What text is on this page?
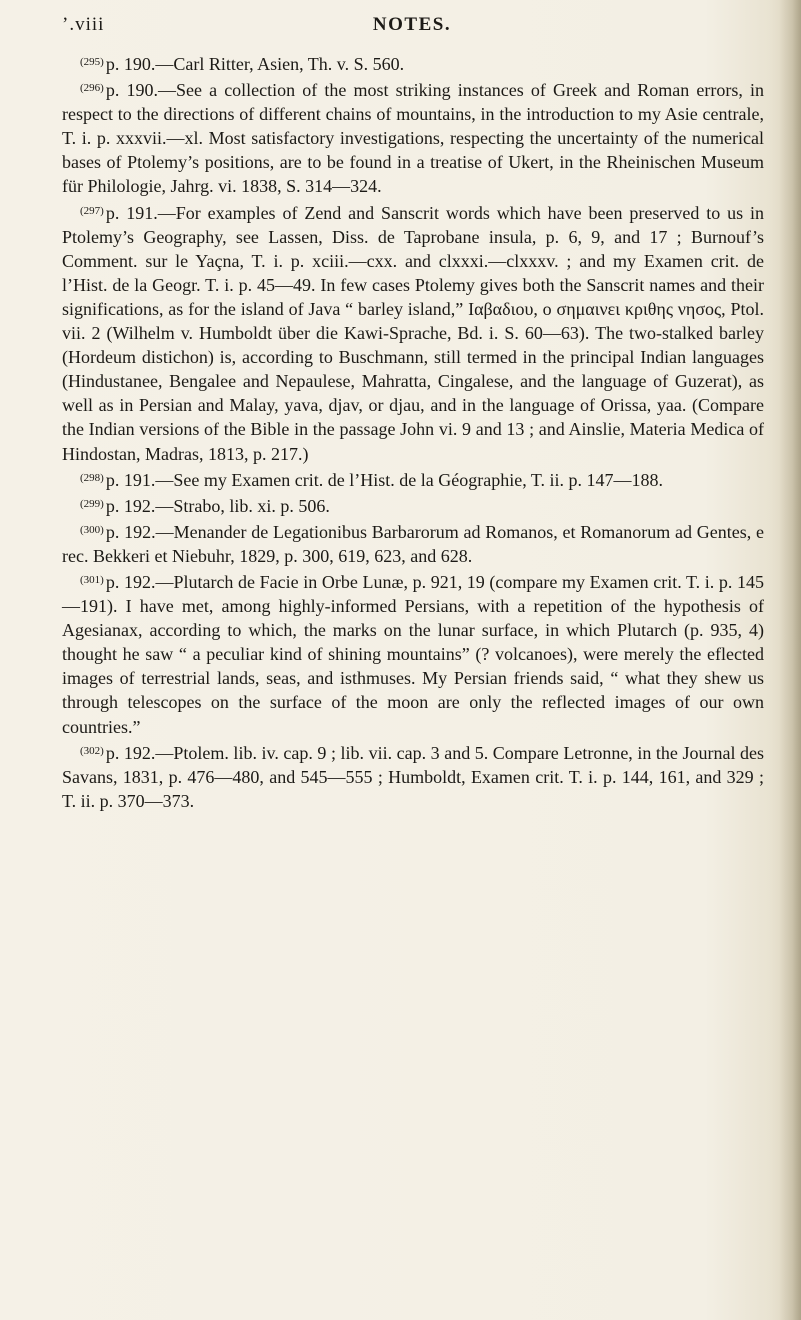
’.viii	NOTES.

$^{(295)}$ p. 190.—Carl Ritter, Asien, Th. v. S. 560.

$^{(296)}$ p. 190.—See a collection of the most striking instances of Greek and Roman errors, in respect to the directions of different chains of mountains, in the introduction to my Asie centrale, T. i. p. xxxvii.—xl. Most satisfactory investigations, respecting the uncertainty of the numerical bases of Ptolemy’s positions, are to be found in a treatise of Ukert, in the Rheinischen Museum für Philologie, Jahrg. vi. 1838, S. 314—324.

$^{(297)}$ p. 191.—For examples of Zend and Sanscrit words which have been preserved to us in Ptolemy’s Geography, see Lassen, Diss. de Taprobane insula, p. 6, 9, and 17 ; Burnouf’s Comment. sur le Yaçna, T. i. p. xciii.—cxx. and clxxxi.—clxxxv. ; and my Examen crit. de l’Hist. de la Geogr. T. i. p. 45—49. In few cases Ptolemy gives both the Sanscrit names and their significations, as for the island of Java “ barley island,” Ιαβαδιου, ο σημαινει κριθης νησος, Ptol. vii. 2 (Wilhelm v. Humboldt über die Kawi-Sprache, Bd. i. S. 60—63). The two-stalked barley (Hordeum distichon) is, according to Buschmann, still termed in the principal Indian languages (Hindustanee, Bengalee and Nepaulese, Mahratta, Cingalese, and the language of Guzerat), as well as in Persian and Malay, yava, djav, or djau, and in the language of Orissa, yaa. (Compare the Indian versions of the Bible in the passage John vi. 9 and 13 ; and Ainslie, Materia Medica of Hindostan, Madras, 1813, p. 217.)

$^{(298)}$ p. 191.—See my Examen crit. de l’Hist. de la Géographie, T. ii. p. 147—188.

$^{(299)}$ p. 192.—Strabo, lib. xi. p. 506.

$^{(300)}$ p. 192.—Menander de Legationibus Barbarorum ad Romanos, et Romanorum ad Gentes, e rec. Bekkeri et Niebuhr, 1829, p. 300, 619, 623, and 628.

$^{(301)}$ p. 192.—Plutarch de Facie in Orbe Lunæ, p. 921, 19 (compare my Examen crit. T. i. p. 145—191). I have met, among highly-informed Persians, with a repetition of the hypothesis of Agesianax, according to which, the marks on the lunar surface, in which Plutarch (p. 935, 4) thought he saw “ a peculiar kind of shining mountains” (? volcanoes), were merely the eflected images of terrestrial lands, seas, and isthmuses. My Persian friends said, “ what they shew us through telescopes on the surface of the moon are only the reflected images of our own countries.”

$^{(302)}$ p. 192.—Ptolem. lib. iv. cap. 9 ; lib. vii. cap. 3 and 5. Compare Letronne, in the Journal des Savans, 1831, p. 476—480, and 545—555 ; Humboldt, Examen crit. T. i. p. 144, 161, and 329 ; T. ii. p. 370—373.
